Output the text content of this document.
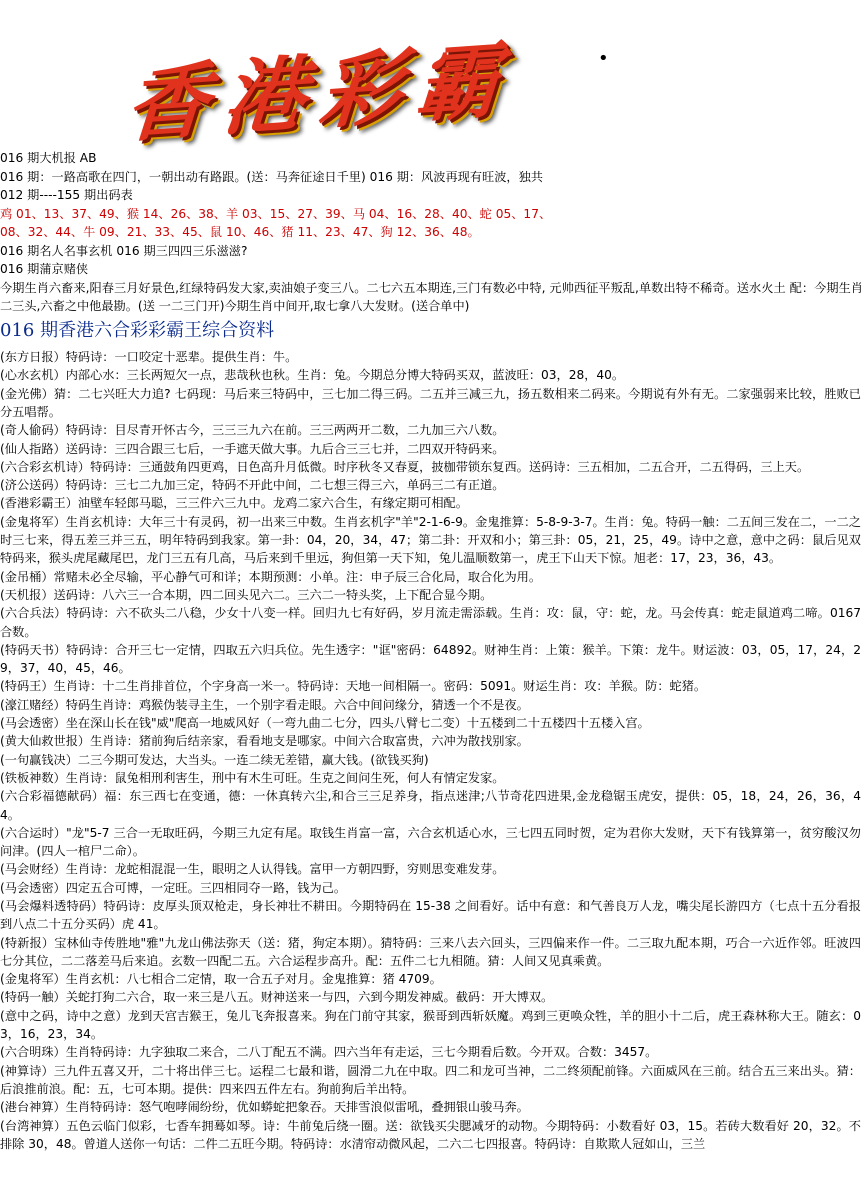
香港彩霸	•
016 期大机报 AB
016 期：一路高歌在四门，一朝出动有路跟。(送：马奔征途日千里) 016 期：风波再现有旺波，独共
012 期----155 期出码表
鸡 01、13、37、49、猴 14、26、38、羊 03、15、27、39、马 04、16、28、40、蛇 05、17、
08、32、44、牛 09、21、33、45、鼠 10、46、猪 11、23、47、狗 12、36、48。
016 期名人名事玄机 016 期三四四三乐滋滋?
016 期蒲京赌侠
今期生肖六畜来,阳春三月好景色,红绿特码发大家,卖油娘子变三八。二七六五本期连,三门有数必中特, 元帅西征平叛乱,单数出特不稀奇。送水火土 配：今期生肖二三头,六畜之中他最勘。(送 一二三门开)今期生肖中间开,取七拿八大发财。(送合单中)
016 期香港六合彩彩霸王综合资料
(东方日报）特码诗：一口咬定十恶辈。提供生肖：牛。
(心水玄机）内部心水：三长两短欠一点，悲哉秋也秋。生肖：兔。今期总分博大特码买双，蓝波旺：03，28，40。
(金光佛）猜：二七兴旺大力追? 七码现：马后来三特码中，三七加二得三码。二五并三减三九，扬五数相来二码来。今期说有外有无。二家强弱来比较，胜败已分五唱帮。
(奇人偷码）特码诗：目尽青开怀古今，三三三九六在前。三三两两开二数，二九加三六八数。
(仙人指路）送码诗：三四合跟三七后，一手遮天做大事。九后合三三七并，二四双开特码来。
(六合彩玄机诗）特码诗：三通鼓角四更鸡，日色高升月低微。时序秋冬又春夏，披枷带锁东复西。送码诗：三五相加，二五合开，二五得码，三上天。
(济公送码）特码诗：三七二九加三定，特码不开此中间，二七想三得三六，单码三二有正道。
(香港彩霸王）油壁车轻郎马聪，三三件六三九中。龙鸡二家六合生，有缘定期可相配。
(金鬼将军）生肖玄机诗：大年三十有灵码，初一出来三中数。生肖玄机字"羊"2-1-6-9。金鬼推算：5-8-9-3-7。生肖：兔。特码一触：二五间三发在二，一二之时三七来，得五差三并三五，明年特码到我家。第一卦：04，20，34，47；第二卦：开双和小；第三卦：05，21，25，49。诗中之意，意中之码：鼠后见双特码来，猴头虎尾藏尾巴，龙门三五有几高，马后来到千里远，狗但第一天下知，兔儿温顺数第一，虎王下山天下惊。旭老：17，23，36，43。
(金吊桶）常赌未必全尽输，平心静气可和详；本期预测：小单。注：申子辰三合化局，取合化为用。
(天机报）送码诗：八六三一合本期，四二回头见六二。三六二一特头奖，上下配合显今期。
(六合兵法）特码诗：六不砍头二八稳，少女十八变一样。回归九七有好码，岁月流走需添载。生肖：攻：鼠，守：蛇，龙。马会传真：蛇走鼠道鸡二啼。0167 合数。
(特码天书）特码诗：合开三七一定情，四取五六归兵位。先生透字："诓"密码：64892。财神生肖：上策：猴羊。下策：龙牛。财运波：03，05，17，24，29，37，40，45，46。
(特码王）生肖诗：十二生肖排首位，个字身高一米一。特码诗：天地一间相隔一。密码：5091。财运生肖：攻：羊猴。防：蛇猪。
(濠江赌经）特码生肖诗：鸡猴伪装寻主生，一个别字看走眼。六合中间问缘分，猜透一个不是夜。
(马会透密）坐在深山长在钱"威"爬高一地威风好（一弯九曲二七分，四头八臂七二变）十五楼到二十五楼四十五楼入宫。
(黄大仙救世报）生肖诗：猪前狗后结亲家，看看地支是哪家。中间六合取富贵，六冲为散找别家。
(一句赢钱决）二三今期可发达，大当头。一连二续无差错，赢大钱。(欲钱买狗)
(铁板神数）生肖诗：鼠兔相刑利害生，刑中有木生可旺。生克之间问生死，何人有情定发家。
(六合彩福德献码）福：东三西七在变通，德：一休真转六尘,和合三三足养身，指点迷津;八节奇花四进果,金龙稳锯玉虎安，提供：05，18，24，26，36，44。
(六合运时）"龙"5-7 三合一无取旺码，今期三九定有尾。取钱生肖富一富，六合玄机适心水，三七四五同时贺，定为君你大发财，天下有钱算第一，贫穷酸汉勿问津。(四人一棺尸二命）。
(马会财经）生肖诗：龙蛇相混混一生，眼明之人认得钱。富甲一方朝四野，穷则思变难发芽。
(马会透密）四定五合可博，一定旺。三四相同夺一路，钱为己。
(马会爆料透特码）特码诗：皮厚头顶双枪走，身长神壮不耕田。今期特码在 15-38 之间看好。话中有意：和气善良万人龙，嘴尖尾长游四方（七点十五分看报到八点二十五分买码）虎 41。
(特新报）宝林仙寺传胜地"雅"九龙山佛法弥天（送：猪，狗定本期）。猜特码：三来八去六回头，三四偏来作一件。二三取九配本期，巧合一六近作邻。旺波四七分其位，二二落差马后来追。玄数一四配二五。六合运程步高升。配：五件二七九相随。猜：人间又见真乘黄。
(金鬼将军）生肖玄机：八七相合二定情，取一合五子对月。金鬼推算：猪 4709。
(特码一触）关蛇打狗二六合，取一来三是八五。财神送来一与四，六到今期发神威。截码：开大博双。
(意中之码，诗中之意）龙到天宫吉猴王，兔儿飞奔报喜来。狗在门前守其家，猴哥到西斩妖魔。鸡到三更唤众牲，羊的胆小十二后，虎王森林称大王。随玄：03，16，23，34。
(六合明珠）生肖特码诗：九字独取二来合，二八丁配五不满。四六当年有走运，三七今期看后数。今开双。合数：3457。
(神算诗）三九件五喜又开，二十将出伴三七。运程二七最和谐，圆滑二九在中取。四二和龙可当神，二二终须配前锋。六面威风在三前。结合五三来出头。猜：后浪推前浪。配：五，七可本期。提供：四来四五件左右。狗前狗后羊出特。
(港台神算）生肖特码诗：怒气咆哮闹纷纷，优如蟒蛇把象吞。天排雪浪似雷吼，叠拥银山骏马奔。
(台湾神算）五色云临门似彩，七香车拥蓦如琴。诗：牛前兔后绕一圈。送：欲钱买尖腮减牙的动物。今期特码：小数看好 03，15。若砖大数看好 20，32。不排除 30，48。曾道人送你一句话：二件二五旺今期。特码诗：水清帘动微风起，二六二七四报喜。特码诗：自欺欺人冠如山，三兰
